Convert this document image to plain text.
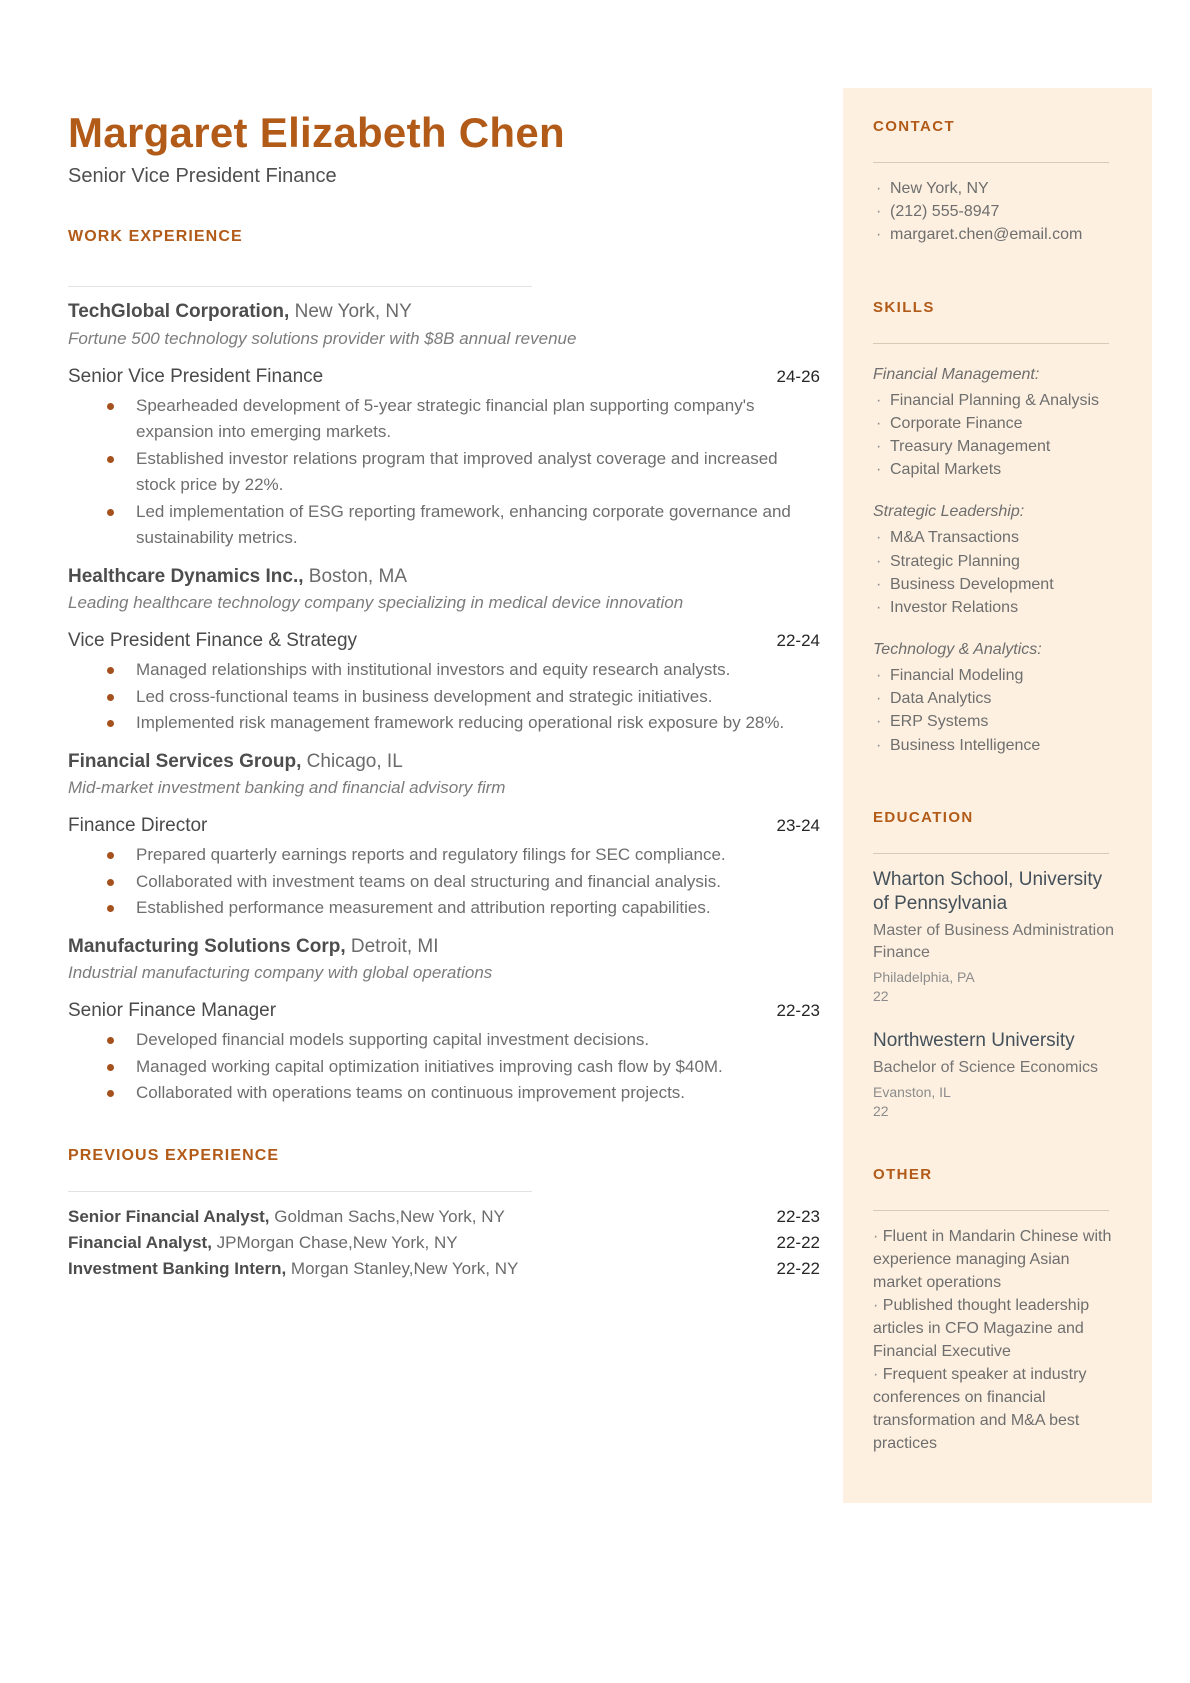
Margaret Elizabeth Chen
Senior Vice President Finance
WORK EXPERIENCE
TechGlobal Corporation, New York, NY
Fortune 500 technology solutions provider with $8B annual revenue
Senior Vice President Finance	24-26
Spearheaded development of 5-year strategic financial plan supporting company's expansion into emerging markets.
Established investor relations program that improved analyst coverage and increased stock price by 22%.
Led implementation of ESG reporting framework, enhancing corporate governance and sustainability metrics.
Healthcare Dynamics Inc., Boston, MA
Leading healthcare technology company specializing in medical device innovation
Vice President Finance & Strategy	22-24
Managed relationships with institutional investors and equity research analysts.
Led cross-functional teams in business development and strategic initiatives.
Implemented risk management framework reducing operational risk exposure by 28%.
Financial Services Group, Chicago, IL
Mid-market investment banking and financial advisory firm
Finance Director	23-24
Prepared quarterly earnings reports and regulatory filings for SEC compliance.
Collaborated with investment teams on deal structuring and financial analysis.
Established performance measurement and attribution reporting capabilities.
Manufacturing Solutions Corp, Detroit, MI
Industrial manufacturing company with global operations
Senior Finance Manager	22-23
Developed financial models supporting capital investment decisions.
Managed working capital optimization initiatives improving cash flow by $40M.
Collaborated with operations teams on continuous improvement projects.
PREVIOUS EXPERIENCE
Senior Financial Analyst, Goldman Sachs,New York, NY	22-23
Financial Analyst, JPMorgan Chase,New York, NY	22-22
Investment Banking Intern, Morgan Stanley,New York, NY	22-22
CONTACT
· New York, NY
· (212) 555-8947
· margaret.chen@email.com
SKILLS
Financial Management:
· Financial Planning & Analysis
· Corporate Finance
· Treasury Management
· Capital Markets
Strategic Leadership:
· M&A Transactions
· Strategic Planning
· Business Development
· Investor Relations
Technology & Analytics:
· Financial Modeling
· Data Analytics
· ERP Systems
· Business Intelligence
EDUCATION
Wharton School, University of Pennsylvania
Master of Business Administration Finance
Philadelphia, PA
22
Northwestern University
Bachelor of Science Economics
Evanston, IL
22
OTHER
· Fluent in Mandarin Chinese with experience managing Asian market operations
· Published thought leadership articles in CFO Magazine and Financial Executive
· Frequent speaker at industry conferences on financial transformation and M&A best practices
